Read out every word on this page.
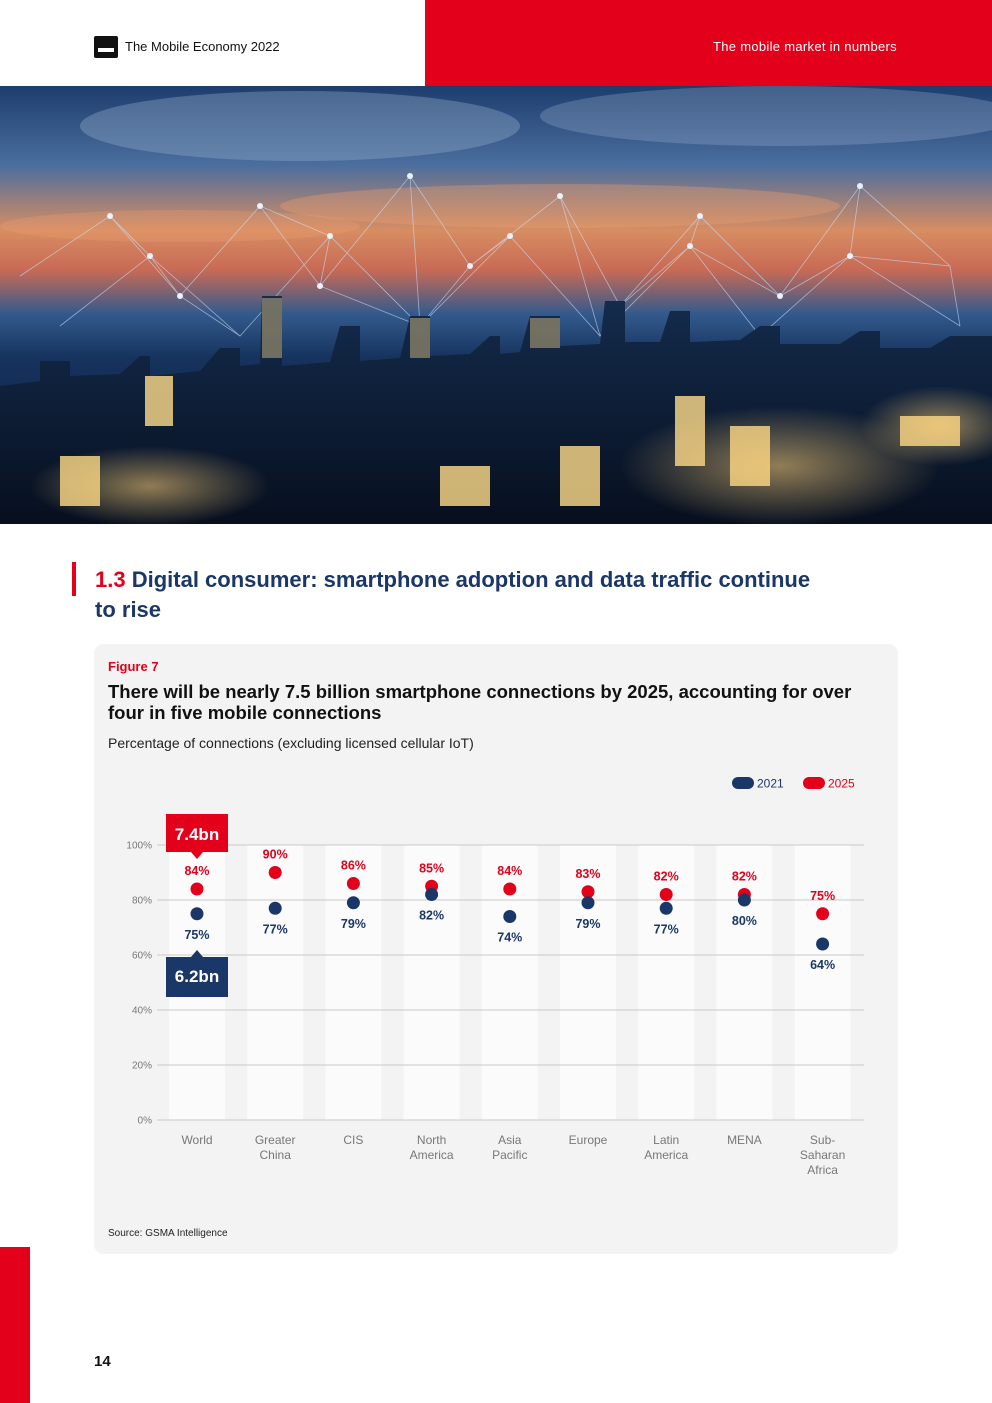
The Mobile Economy 2022	The mobile market in numbers
1.3 Digital consumer: smartphone adoption and data traffic continue to rise
Figure 7
There will be nearly 7.5 billion smartphone connections by 2025, accounting for over four in five mobile connections
Percentage of connections (excluding licensed cellular IoT)
0%
20%
40%
60%
80%
100%
World	Greater
China
CIS	North
America
Asia
Pacific
Europe	Latin
America
MENA	Sub-
Saharan
Africa
2021	2025
84%
75%
90%
77%
86%
79%
85%
82%
84%
74%
83%
79%
82%
77%
82%
80%
75%
64%
7.4bn
6.2bn
Source: GSMA Intelligence
14
